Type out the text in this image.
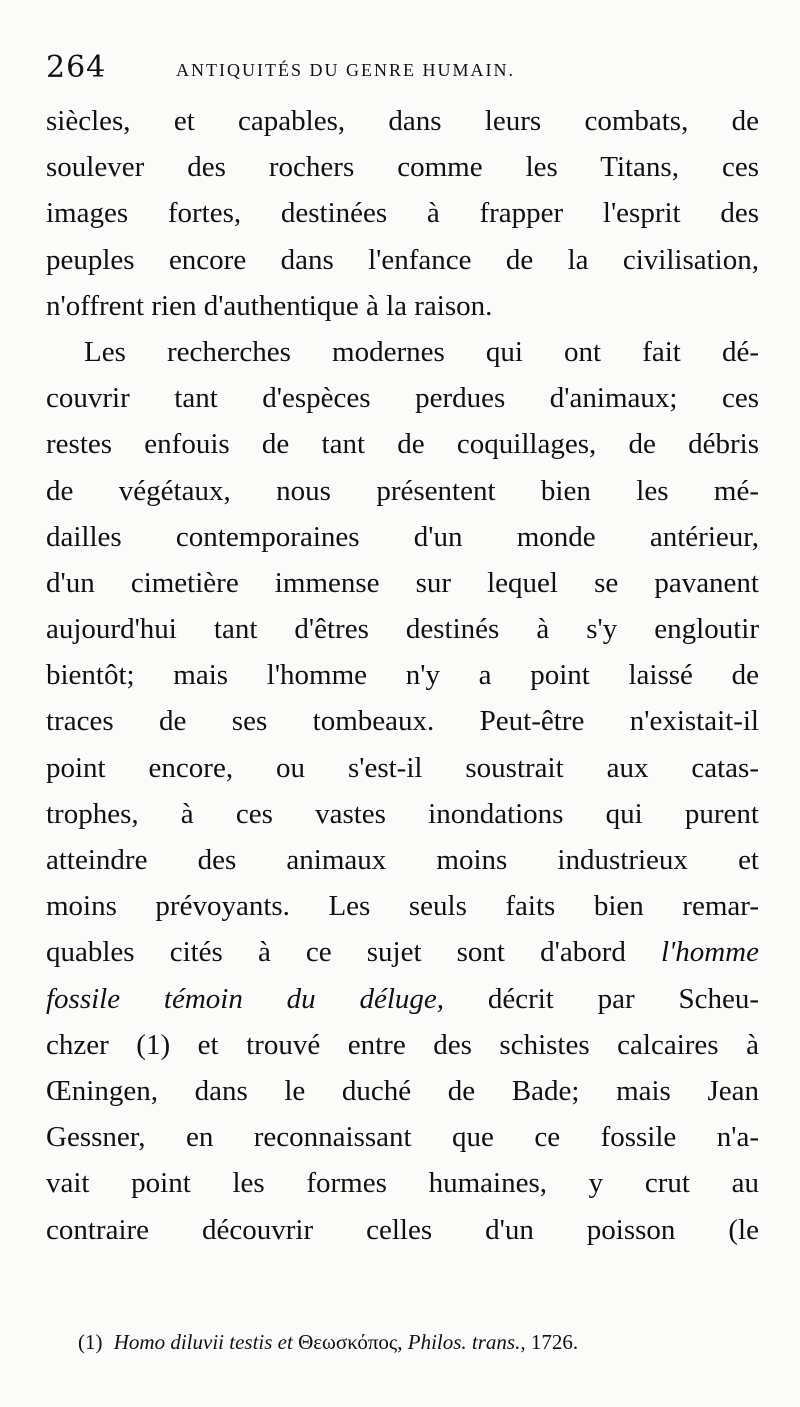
264	ANTIQUITÉS DU GENRE HUMAIN.
siècles, et capables, dans leurs combats, de
soulever des rochers comme les Titans, ces
images fortes, destinées à frapper l'esprit des
peuples encore dans l'enfance de la civilisation,
n'offrent rien d'authentique à la raison.
Les recherches modernes qui ont fait dé-
couvrir tant d'espèces perdues d'animaux; ces
restes enfouis de tant de coquillages, de débris
de végétaux, nous présentent bien les mé-
dailles contemporaines d'un monde antérieur,
d'un cimetière immense sur lequel se pavanent
aujourd'hui tant d'êtres destinés à s'y engloutir
bientôt; mais l'homme n'y a point laissé de
traces de ses tombeaux. Peut-être n'existait-il
point encore, ou s'est-il soustrait aux catas-
trophes, à ces vastes inondations qui purent
atteindre des animaux moins industrieux et
moins prévoyants. Les seuls faits bien remar-
quables cités à ce sujet sont d'abord l'homme
fossile témoin du déluge, décrit par Scheu-
chzer (1) et trouvé entre des schistes calcaires à
Œningen, dans le duché de Bade; mais Jean
Gessner, en reconnaissant que ce fossile n'a-
vait point les formes humaines, y crut au
contraire découvrir celles d'un poisson (le
(1) Homo diluvii testis et Θεωσκόπος, Philos. trans., 1726.
